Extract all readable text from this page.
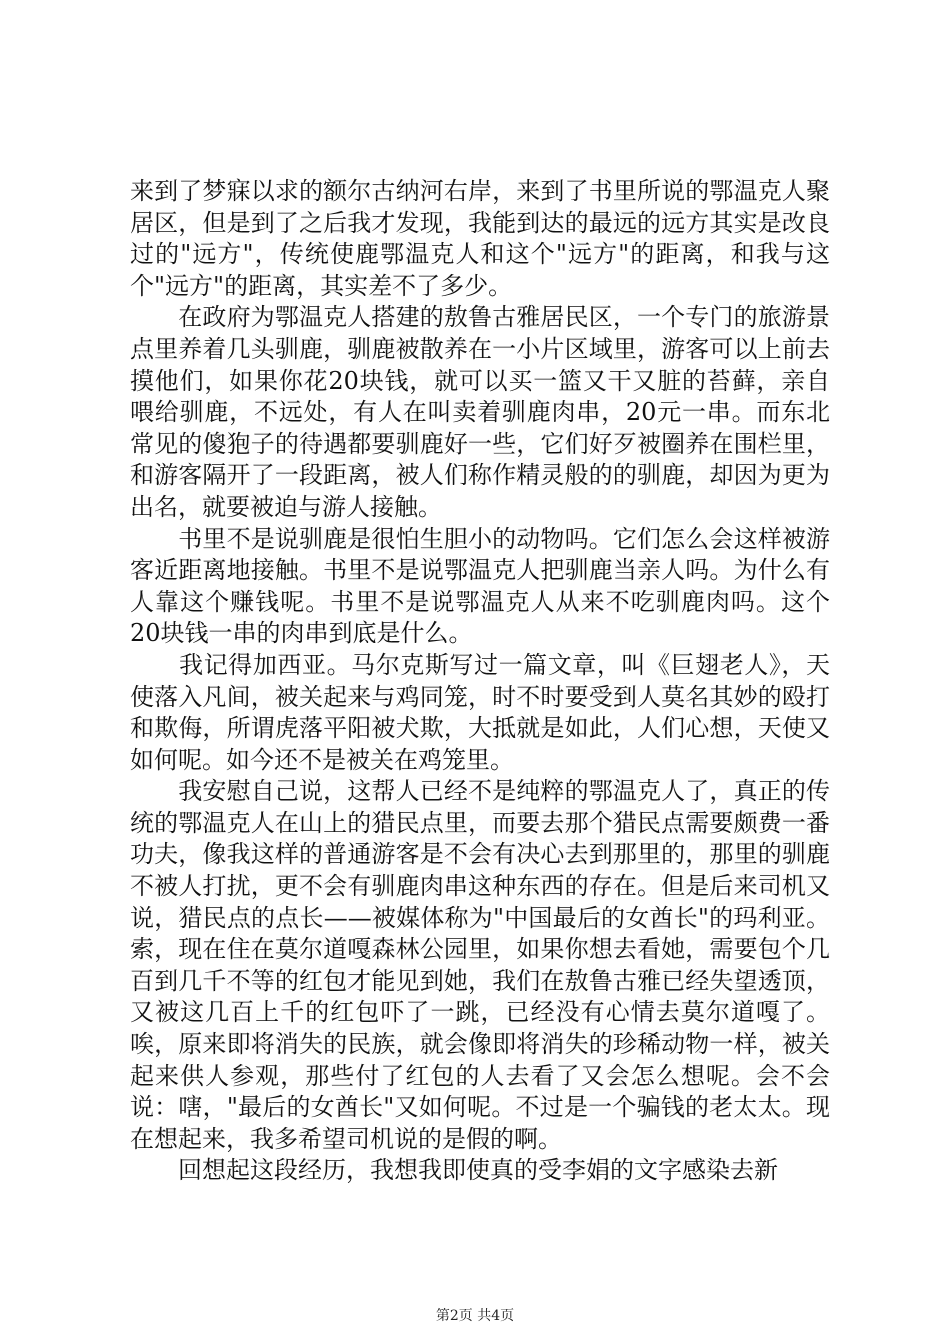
来到了梦寐以求的额尔古纳河右岸，来到了书里所说的鄂温克人聚居区，但是到了之后我才发现，我能到达的最远的远方其实是改良过的"远方"，传统使鹿鄂温克人和这个"远方"的距离，和我与这个"远方"的距离，其实差不了多少。

　　在政府为鄂温克人搭建的敖鲁古雅居民区，一个专门的旅游景点里养着几头驯鹿，驯鹿被散养在一小片区域里，游客可以上前去摸他们，如果你花20块钱，就可以买一篮又干又脏的苔藓，亲自喂给驯鹿，不远处，有人在叫卖着驯鹿肉串，20元一串。而东北常见的傻狍子的待遇都要驯鹿好一些，它们好歹被圈养在围栏里，和游客隔开了一段距离，被人们称作精灵般的的驯鹿，却因为更为出名，就要被迫与游人接触。

　　书里不是说驯鹿是很怕生胆小的动物吗。它们怎么会这样被游客近距离地接触。书里不是说鄂温克人把驯鹿当亲人吗。为什么有人靠这个赚钱呢。书里不是说鄂温克人从来不吃驯鹿肉吗。这个20块钱一串的肉串到底是什么。

　　我记得加西亚。马尔克斯写过一篇文章，叫《巨翅老人》，天使落入凡间，被关起来与鸡同笼，时不时要受到人莫名其妙的殴打和欺侮，所谓虎落平阳被犬欺，大抵就是如此，人们心想，天使又如何呢。如今还不是被关在鸡笼里。

　　我安慰自己说，这帮人已经不是纯粹的鄂温克人了，真正的传统的鄂温克人在山上的猎民点里，而要去那个猎民点需要颇费一番功夫，像我这样的普通游客是不会有决心去到那里的，那里的驯鹿不被人打扰，更不会有驯鹿肉串这种东西的存在。但是后来司机又说，猎民点的点长——被媒体称为"中国最后的女酋长"的玛利亚。索，现在住在莫尔道嘎森林公园里，如果你想去看她，需要包个几百到几千不等的红包才能见到她，我们在敖鲁古雅已经失望透顶，又被这几百上千的红包吓了一跳，已经没有心情去莫尔道嘎了。唉，原来即将消失的民族，就会像即将消失的珍稀动物一样，被关起来供人参观，那些付了红包的人去看了又会怎么想呢。会不会说：嗐，"最后的女酋长"又如何呢。不过是一个骗钱的老太太。现在想起来，我多希望司机说的是假的啊。

　　回想起这段经历，我想我即使真的受李娟的文字感染去新

第2页 共4页
